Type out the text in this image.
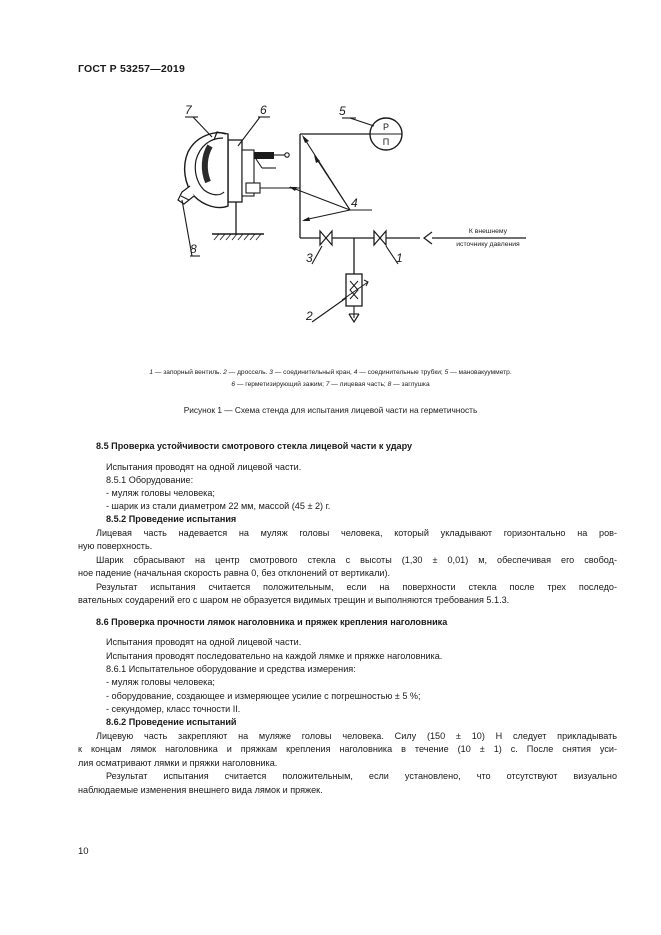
ГОСТ Р 53257—2019
7	6	5
4
3	1
2
8
Р
П
К внешнему
источнику давления
1 — запорный вентиль. 2 — дроссель. 3 — соединительный кран, 4 — соединительные трубки; 5 — мановакуумметр.
6 — герметизирующий зажим; 7 — лицевая часть; 8 — заглушка
Рисунок 1 — Схема стенда для испытания лицевой части на герметичность
8.5 Проверка устойчивости смотрового стекла лицевой части к удару
Испытания проводят на одной лицевой части.
8.5.1 Оборудование:
- муляж головы человека;
- шарик из стали диаметром 22 мм, массой (45 ± 2) г.
8.5.2 Проведение испытания
Лицевая часть надевается на муляж головы человека, который укладывают горизонтально на ров-
ную поверхность.
Шарик сбрасывают на центр смотрового стекла с высоты (1,30 ± 0,01) м, обеспечивая его свобод-
ное падение (начальная скорость равна 0, без отклонений от вертикали).
Результат испытания считается положительным, если на поверхности стекла после трех последо-
вательных соударений его с шаром не образуется видимых трещин и выполняются требования 5.1.3.
8.6 Проверка прочности лямок наголовника и пряжек крепления наголовника
Испытания проводят на одной лицевой части.
Испытания проводят последовательно на каждой лямке и пряжке наголовника.
8.6.1 Испытательное оборудование и средства измерения:
- муляж головы человека;
- оборудование, создающее и измеряющее усилие с погрешностью ± 5 %;
- секундомер, класс точности II.
8.6.2 Проведение испытаний
Лицевую часть закрепляют на муляже головы человека. Силу (150 ± 10) Н следует прикладывать
к концам лямок наголовника и пряжкам крепления наголовника в течение (10 ± 1) с. После снятия уси-
лия осматривают лямки и пряжки наголовника.
Результат испытания считается положительным, если установлено, что отсутствуют визуально
наблюдаемые изменения внешнего вида лямок и пряжек.
10
